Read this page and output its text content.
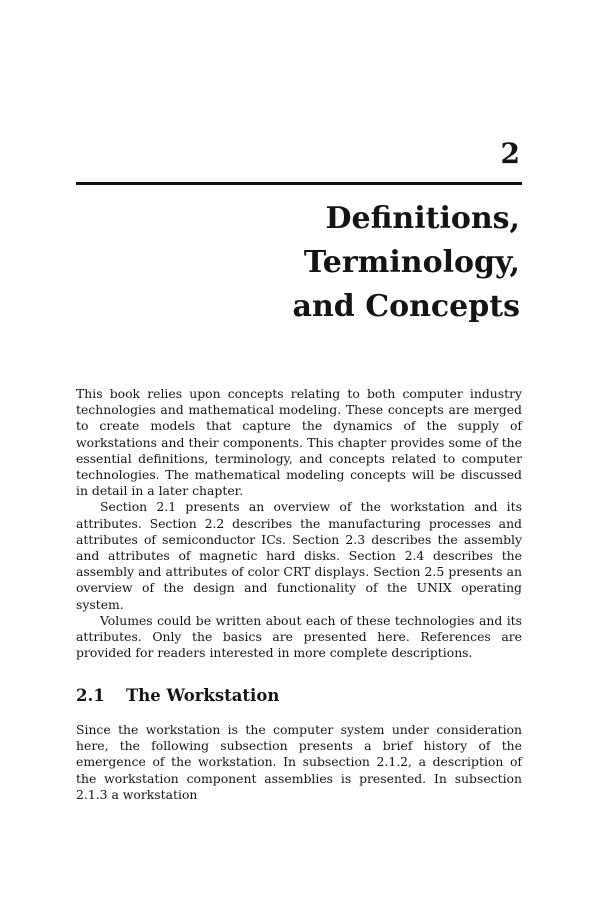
2
Definitions,
Terminology,
and Concepts

This book relies upon concepts relating to both computer industry technologies and mathematical modeling. These concepts are merged to create models that capture the dynamics of the supply of workstations and their components. This chapter provides some of the essential definitions, terminology, and concepts related to computer technologies. The mathematical modeling concepts will be discussed in detail in a later chapter.

Section 2.1 presents an overview of the workstation and its attributes. Section 2.2 describes the manufacturing processes and attributes of semiconductor ICs. Section 2.3 describes the assembly and attributes of magnetic hard disks. Section 2.4 describes the assembly and attributes of color CRT displays. Section 2.5 presents an overview of the design and functionality of the UNIX operating system.

Volumes could be written about each of these technologies and its attributes. Only the basics are presented here. References are provided for readers interested in more complete descriptions.

2.1 The Workstation

Since the workstation is the computer system under consideration here, the following subsection presents a brief history of the emergence of the workstation. In subsection 2.1.2, a description of the workstation component assemblies is presented. In subsection 2.1.3 a workstation
